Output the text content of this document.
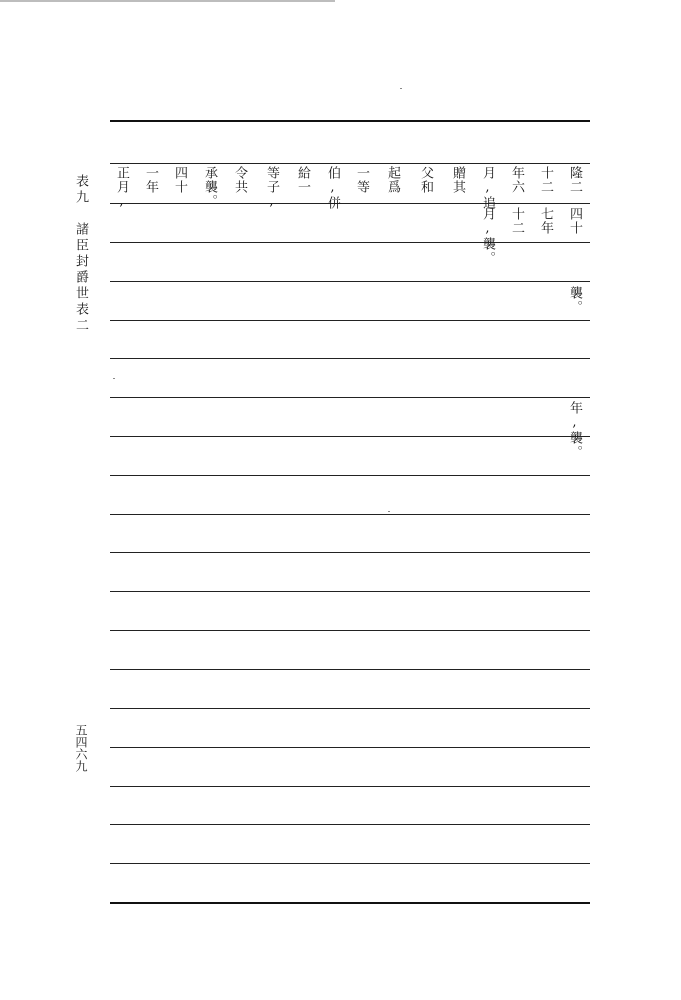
表九　諸臣封爵世表二
五四六九
隆二
十二
年六
月,追
贈其
父和
起爲
一等
伯,併
給一
等子,
令共
承襲。
四十
一年
正月,
四十
七年
十二
月,襲。
襲。
年,襲。
